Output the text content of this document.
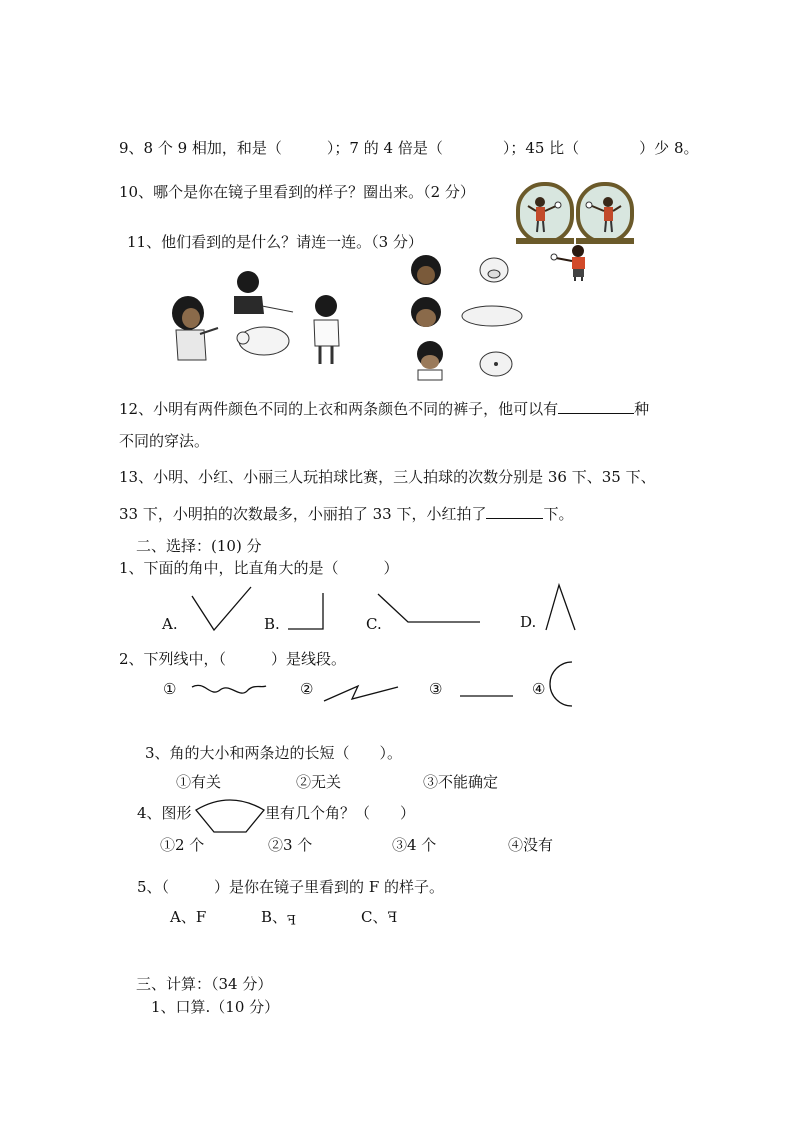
9、8 个 9 相加，和是（　　　）；7 的 4 倍是（　　　　）；45 比（　　　　）少 8。
10、哪个是你在镜子里看到的样子？圈出来。（2 分）
11、他们看到的是什么？请连一连。（3 分）
12、小明有两件颜色不同的上衣和两条颜色不同的裤子，他可以有	种
不同的穿法。
13、小明、小红、小丽三人玩拍球比赛，三人拍球的次数分别是 36 下、35 下、
33 下，小明拍的次数最多，小丽拍了 33 下，小红拍了	下。
二、选择：(10) 分
1、下面的角中，比直角大的是（　　　）
A.	B.	C.	D.
2、下列线中，（　　　）是线段。
①	②	③	④
3、角的大小和两条边的长短（　　）。
①有关	②无关	③不能确定
4、图形	里有几个角？（　　）
①2 个	②3 个	③4 个	④没有
5、（　　　）是你在镜子里看到的 F 的样子。
A、F	B、Ⅎ	C、ꟻ
三、计算：（34 分）
1、口算.（10 分）
